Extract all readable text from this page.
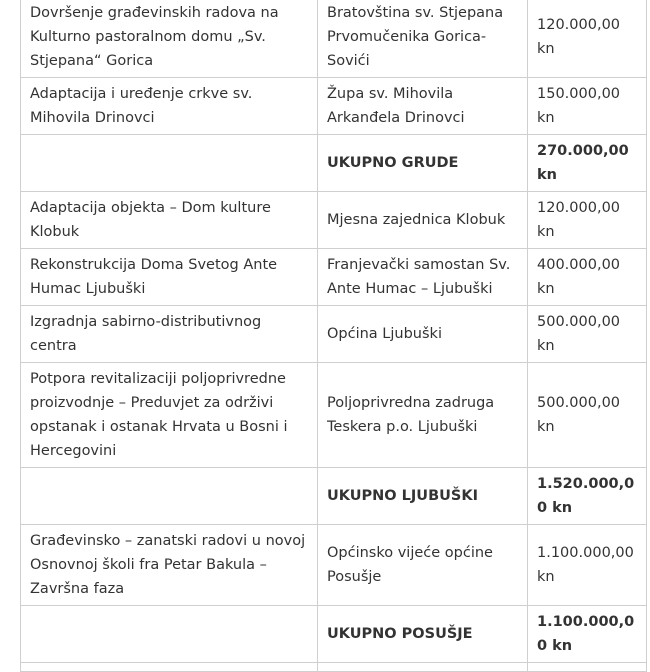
Dovršenje građevinskih radova na Kulturno pastoralnom domu „Sv. Stjepana“ Gorica	Bratovština sv. Stjepana Prvomučenika Gorica-Sovići	120.000,00 kn
Adaptacija i uređenje crkve sv. Mihovila Drinovci	Župa sv. Mihovila Arkanđela Drinovci	150.000,00 kn
	UKUPNO GRUDE	270.000,00 kn
Adaptacija objekta – Dom kulture Klobuk	Mjesna zajednica Klobuk	120.000,00 kn
Rekonstrukcija Doma Svetog Ante Humac Ljubuški	Franjevački samostan Sv. Ante Humac – Ljubuški	400.000,00 kn
Izgradnja sabirno-distributivnog centra	Općina Ljubuški	500.000,00 kn
Potpora revitalizaciji poljoprivredne proizvodnje – Preduvjet za održivi opstanak i ostanak Hrvata u Bosni i Hercegovini	Poljoprivredna zadruga Teskera p.o. Ljubuški	500.000,00 kn
	UKUPNO LJUBUŠKI	1.520.000,00 kn
Građevinsko – zanatski radovi u novoj Osnovnoj školi fra Petar Bakula – Završna faza	Općinsko vijeće općine Posušje	1.100.000,00 kn
	UKUPNO POSUŠJE	1.100.000,00 kn
